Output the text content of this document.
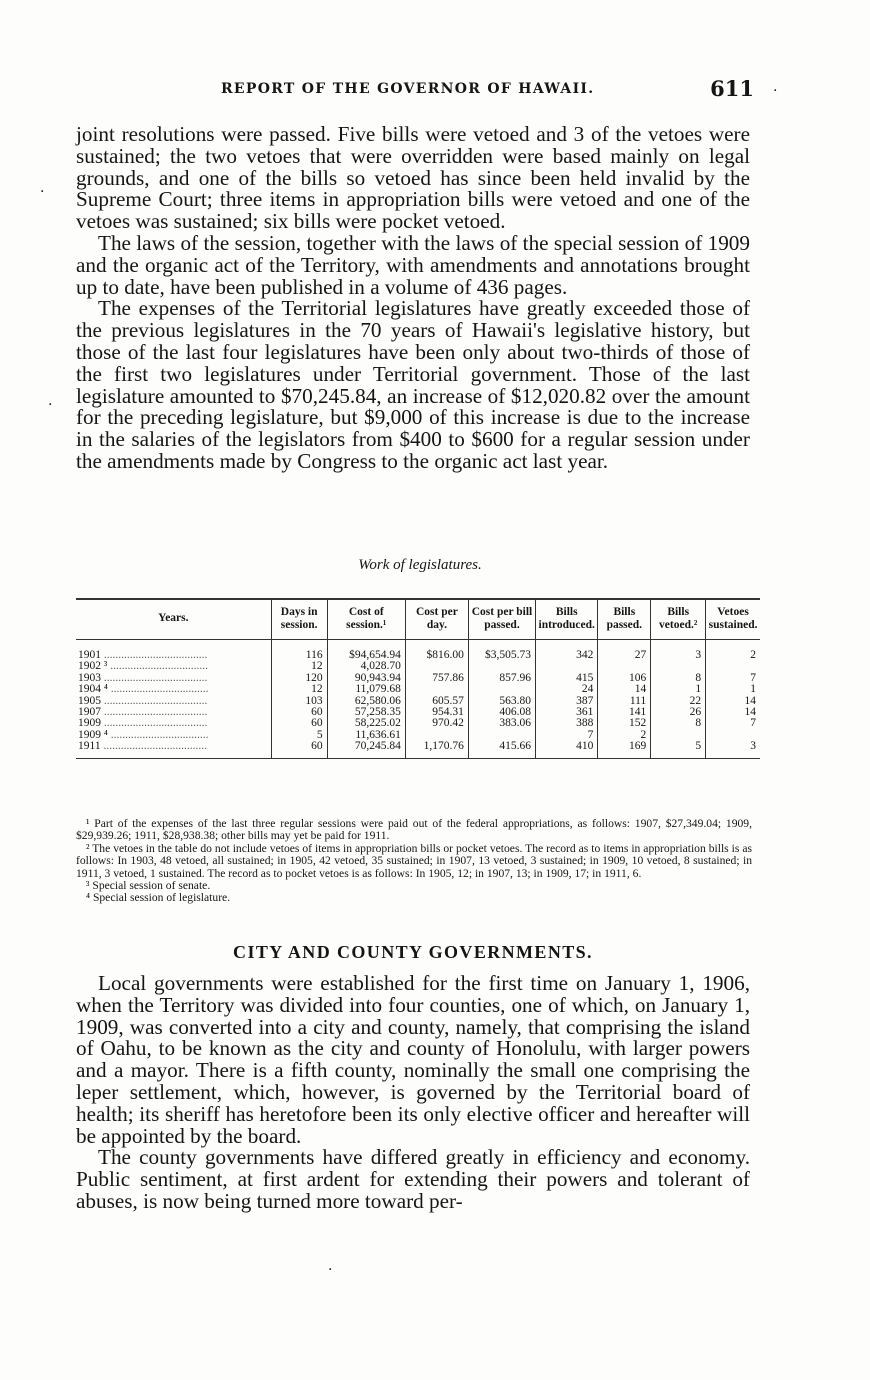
REPORT OF THE GOVERNOR OF HAWAII.	611

joint resolutions were passed. Five bills were vetoed and 3 of the vetoes were sustained; the two vetoes that were overridden were based mainly on legal grounds, and one of the bills so vetoed has since been held invalid by the Supreme Court; three items in appropriation bills were vetoed and one of the vetoes was sustained; six bills were pocket vetoed.

The laws of the session, together with the laws of the special session of 1909 and the organic act of the Territory, with amendments and annotations brought up to date, have been published in a volume of 436 pages.

The expenses of the Territorial legislatures have greatly exceeded those of the previous legislatures in the 70 years of Hawaii's legislative history, but those of the last four legislatures have been only about two-thirds of those of the first two legislatures under Territorial government. Those of the last legislature amounted to $70,245.84, an increase of $12,020.82 over the amount for the preceding legislature, but $9,000 of this increase is due to the increase in the salaries of the legislators from $400 to $600 for a regular session under the amendments made by Congress to the organic act last year.

Work of legislatures.
Years.	Days in session.	Cost of session.¹	Cost per day.	Cost per bill passed.	Bills introduced.	Bills passed.	Bills vetoed.²	Vetoes sustained.
1901 ....................................	116	$94,654.94	$816.00	$3,505.73	342	27	3	2
1902 ³ ..................................	12	4,028.70						
1903 ....................................	120	90,943.94	757.86	857.96	415	106	8	7
1904 ⁴ ..................................	12	11,079.68			24	14	1	1
1905 ....................................	103	62,580.06	605.57	563.80	387	111	22	14
1907 ....................................	60	57,258.35	954.31	406.08	361	141	26	14
1909 ....................................	60	58,225.02	970.42	383.06	388	152	8	7
1909 ⁴ ..................................	5	11,636.61			7	2		
1911 ....................................	60	70,245.84	1,170.76	415.66	410	169	5	3

¹ Part of the expenses of the last three regular sessions were paid out of the federal appropriations, as follows: 1907, $27,349.04; 1909, $29,939.26; 1911, $28,938.38; other bills may yet be paid for 1911.

² The vetoes in the table do not include vetoes of items in appropriation bills or pocket vetoes. The record as to items in appropriation bills is as follows: In 1903, 48 vetoed, all sustained; in 1905, 42 vetoed, 35 sustained; in 1907, 13 vetoed, 3 sustained; in 1909, 10 vetoed, 8 sustained; in 1911, 3 vetoed, 1 sustained. The record as to pocket vetoes is as follows: In 1905, 12; in 1907, 13; in 1909, 17; in 1911, 6.

³ Special session of senate.

⁴ Special session of legislature.

CITY AND COUNTY GOVERNMENTS.

Local governments were established for the first time on January 1, 1906, when the Territory was divided into four counties, one of which, on January 1, 1909, was converted into a city and county, namely, that comprising the island of Oahu, to be known as the city and county of Honolulu, with larger powers and a mayor. There is a fifth county, nominally the small one comprising the leper settlement, which, however, is governed by the Territorial board of health; its sheriff has heretofore been its only elective officer and hereafter will be appointed by the board.

The county governments have differed greatly in efficiency and economy. Public sentiment, at first ardent for extending their powers and tolerant of abuses, is now being turned more toward per-

·
·
·
·
